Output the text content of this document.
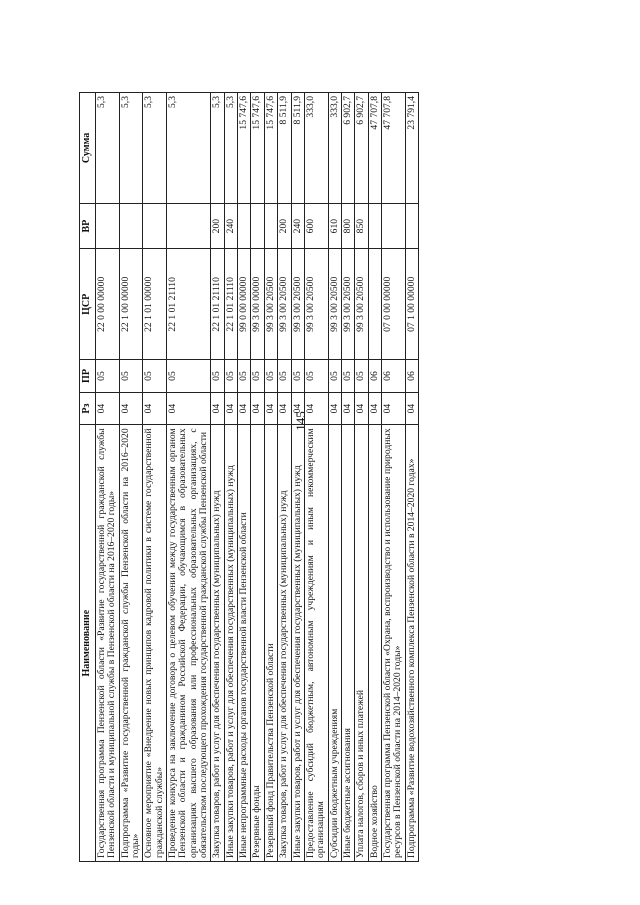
145
Наименование	Рз	ПР	ЦСР	ВР	Сумма
Государственная программа Пензенской области «Развитие государственной гражданской службы Пензенской области и муниципальной службы в Пензенской области на 2016–2020 годы»	04	05	22 0 00 00000		5,3
Подпрограмма «Развитие государственной гражданской службы Пензенской области на 2016–2020 годы»	04	05	22 1 00 00000		5,3
Основное мероприятие «Внедрение новых принципов кадровой политики в системе государственной гражданской службы»	04	05	22 1 01 00000		5,3
Проведение конкурса на заключение договора о целевом обучении между государственным органом Пензенской области и гражданином Российской Федерации, обучающимся в образовательных организациях высшего образования или профессиональных образовательных организациях, с обязательством последующего прохождения государственной гражданской службы Пензенской области	04	05	22 1 01 21110		5,3
Закупка товаров, работ и услуг для обеспечения государственных (муниципальных) нужд	04	05	22 1 01 21110	200	5,3
Иные закупки товаров, работ и услуг для обеспечения государственных (муниципальных) нужд	04	05	22 1 01 21110	240	5,3
Иные непрограммные расходы органов государственной власти Пензенской области	04	05	99 0 00 00000		15 747,6
Резервные фонды	04	05	99 3 00 00000		15 747,6
Резервный фонд Правительства Пензенской области	04	05	99 3 00 20500		15 747,6
Закупка товаров, работ и услуг для обеспечения государственных (муниципальных) нужд	04	05	99 3 00 20500	200	8 511,9
Иные закупки товаров, работ и услуг для обеспечения государственных (муниципальных) нужд	04	05	99 3 00 20500	240	8 511,9
Предоставление субсидий бюджетным, автономным учреждениям и иным некоммерческим организациям	04	05	99 3 00 20500	600	333,0
Субсидии бюджетным учреждениям	04	05	99 3 00 20500	610	333,0
Иные бюджетные ассигнования	04	05	99 3 00 20500	800	6 902,7
Уплата налогов, сборов и иных платежей	04	05	99 3 00 20500	850	6 902,7
Водное хозяйство	04	06			47 707,8
Государственная программа Пензенской области «Охрана, воспроизводство и использование природных ресурсов в Пензенской области на 2014–2020 годы»	04	06	07 0 00 00000		47 707,8
Подпрограмма «Развитие водохозяйственного комплекса Пензенской области в 2014–2020 годах»	04	06	07 1 00 00000		23 791,4
